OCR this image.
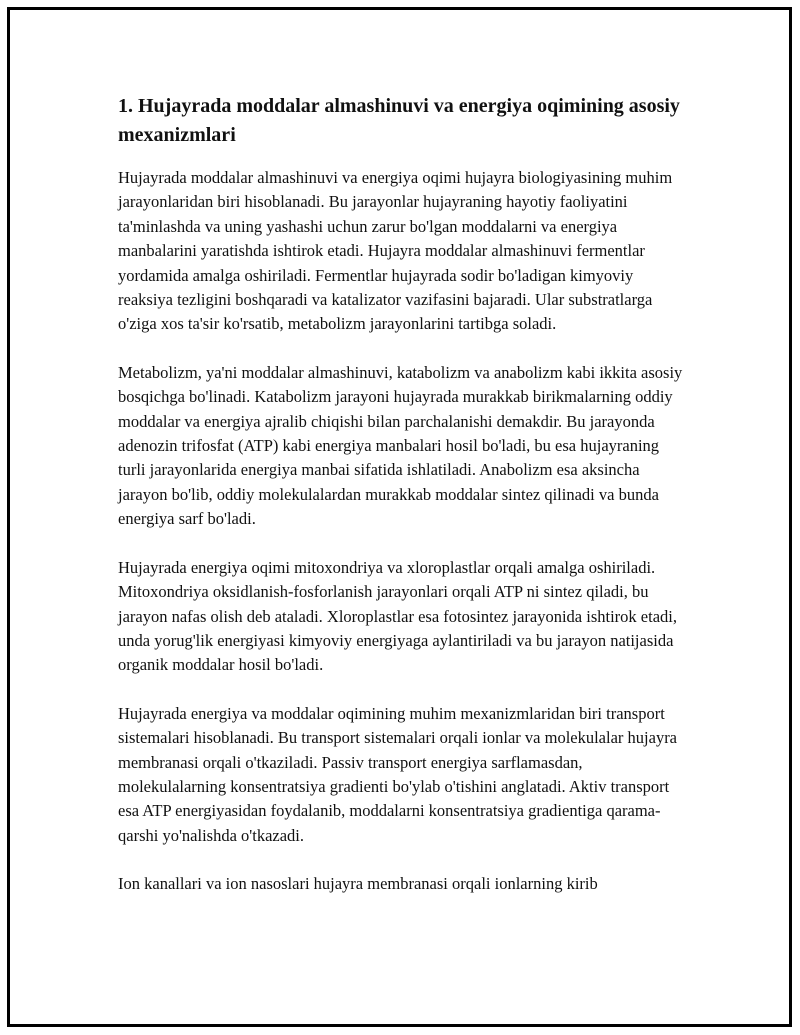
1. Hujayrada moddalar almashinuvi va energiya oqimining asosiy mexanizmlari

Hujayrada moddalar almashinuvi va energiya oqimi hujayra biologiyasining muhim jarayonlaridan biri hisoblanadi. Bu jarayonlar hujayraning hayotiy faoliyatini ta'minlashda va uning yashashi uchun zarur bo'lgan moddalarni va energiya manbalarini yaratishda ishtirok etadi. Hujayra moddalar almashinuvi fermentlar yordamida amalga oshiriladi. Fermentlar hujayrada sodir bo'ladigan kimyoviy reaksiya tezligini boshqaradi va katalizator vazifasini bajaradi. Ular substratlarga o'ziga xos ta'sir ko'rsatib, metabolizm jarayonlarini tartibga soladi.

Metabolizm, ya'ni moddalar almashinuvi, katabolizm va anabolizm kabi ikkita asosiy bosqichga bo'linadi. Katabolizm jarayoni hujayrada murakkab birikmalarning oddiy moddalar va energiya ajralib chiqishi bilan parchalanishi demakdir. Bu jarayonda adenozin trifosfat (ATP) kabi energiya manbalari hosil bo'ladi, bu esa hujayraning turli jarayonlarida energiya manbai sifatida ishlatiladi. Anabolizm esa aksincha jarayon bo'lib, oddiy molekulalardan murakkab moddalar sintez qilinadi va bunda energiya sarf bo'ladi.

Hujayrada energiya oqimi mitoxondriya va xloroplastlar orqali amalga oshiriladi. Mitoxondriya oksidlanish-fosforlanish jarayonlari orqali ATP ni sintez qiladi, bu jarayon nafas olish deb ataladi. Xloroplastlar esa fotosintez jarayonida ishtirok etadi, unda yorug'lik energiyasi kimyoviy energiyaga aylantiriladi va bu jarayon natijasida organik moddalar hosil bo'ladi.

Hujayrada energiya va moddalar oqimining muhim mexanizmlaridan biri transport sistemalari hisoblanadi. Bu transport sistemalari orqali ionlar va molekulalar hujayra membranasi orqali o'tkaziladi. Passiv transport energiya sarflamasdan, molekulalarning konsentratsiya gradienti bo'ylab o'tishini anglatadi. Aktiv transport esa ATP energiyasidan foydalanib, moddalarni konsentratsiya gradientiga qarama-qarshi yo'nalishda o'tkazadi.

Ion kanallari va ion nasoslari hujayra membranasi orqali ionlarning kirib
